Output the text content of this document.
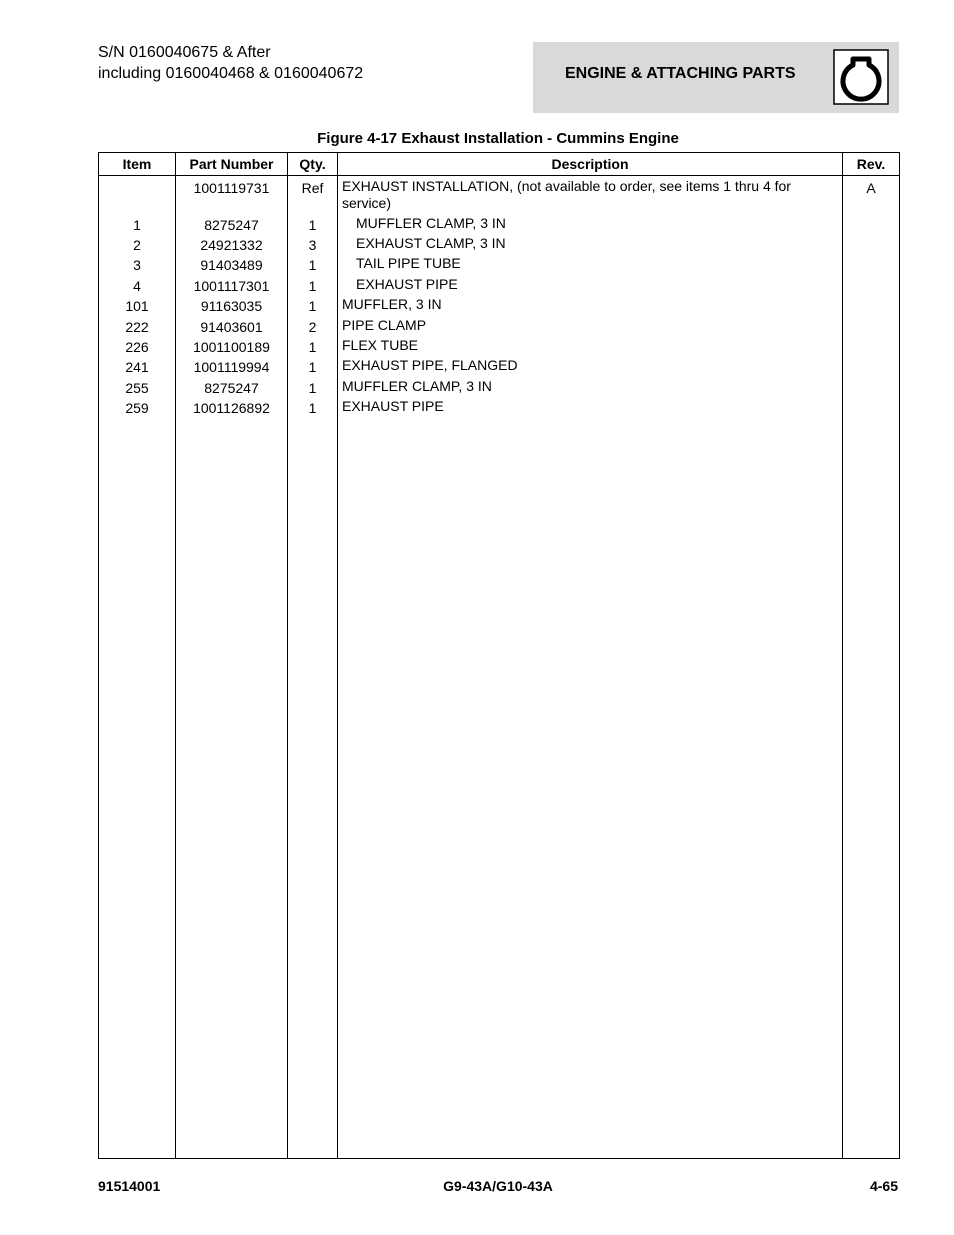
S/N 0160040675 & After
including 0160040468 & 0160040672	ENGINE & ATTACHING PARTS
Figure 4-17 Exhaust Installation - Cummins Engine
Item	Part Number	Qty.	Description	Rev.
	1001119731	Ref	EXHAUST INSTALLATION, (not available to order, see items 1 thru 4 for service)	A
1	8275247	1	MUFFLER CLAMP, 3 IN	
2	24921332	3	EXHAUST CLAMP, 3 IN	
3	91403489	1	TAIL PIPE TUBE	
4	1001117301	1	EXHAUST PIPE	
101	91163035	1	MUFFLER, 3 IN	
222	91403601	2	PIPE CLAMP	
226	1001100189	1	FLEX TUBE	
241	1001119994	1	EXHAUST PIPE, FLANGED	
255	8275247	1	MUFFLER CLAMP, 3 IN	
259	1001126892	1	EXHAUST PIPE	

91514001	G9-43A/G10-43A	4-65
